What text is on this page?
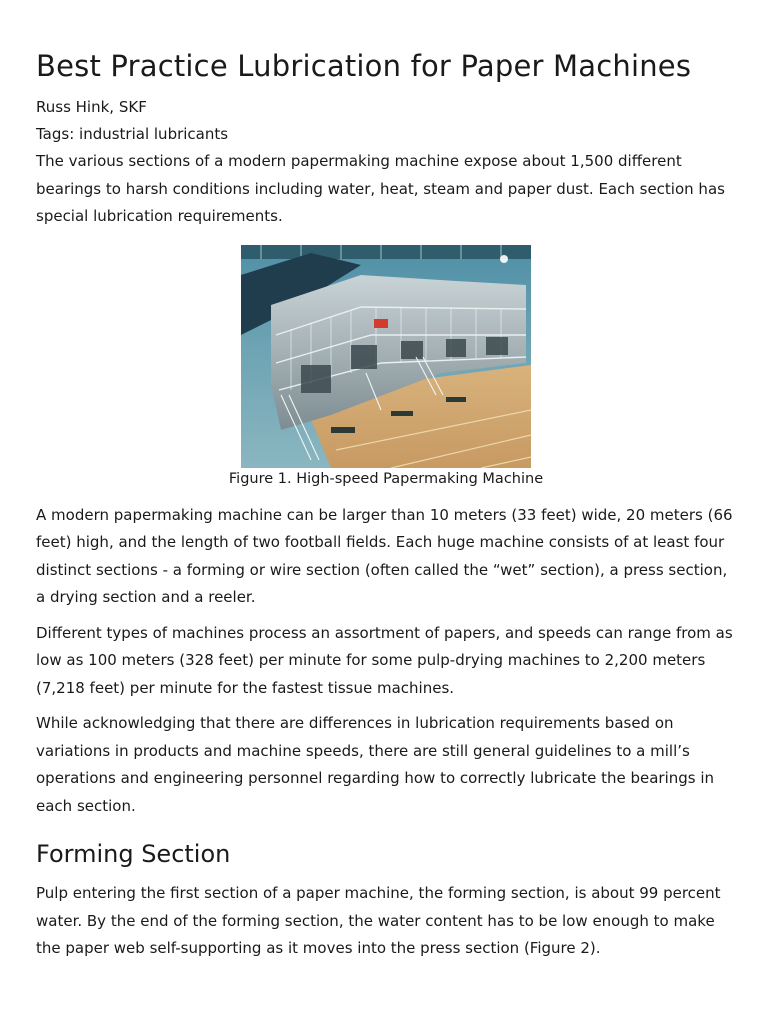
Best Practice Lubrication for Paper Machines

Russ Hink, SKF

Tags: industrial lubricants

The various sections of a modern papermaking machine expose about 1,500 different bearings to harsh conditions including water, heat, steam and paper dust. Each section has special lubrication requirements.

Figure 1. High-speed Papermaking Machine

A modern papermaking machine can be larger than 10 meters (33 feet) wide, 20 meters (66 feet) high, and the length of two football fields. Each huge machine consists of at least four distinct sections - a forming or wire section (often called the “wet” section), a press section, a drying section and a reeler.

Different types of machines process an assortment of papers, and speeds can range from as low as 100 meters (328 feet) per minute for some pulp-drying machines to 2,200 meters (7,218 feet) per minute for the fastest tissue machines.

While acknowledging that there are differences in lubrication requirements based on variations in products and machine speeds, there are still general guidelines to a mill’s operations and engineering personnel regarding how to correctly lubricate the bearings in each section.

Forming Section

Pulp entering the first section of a paper machine, the forming section, is about 99 percent water. By the end of the forming section, the water content has to be low enough to make the paper web self-supporting as it moves into the press section (Figure 2).
